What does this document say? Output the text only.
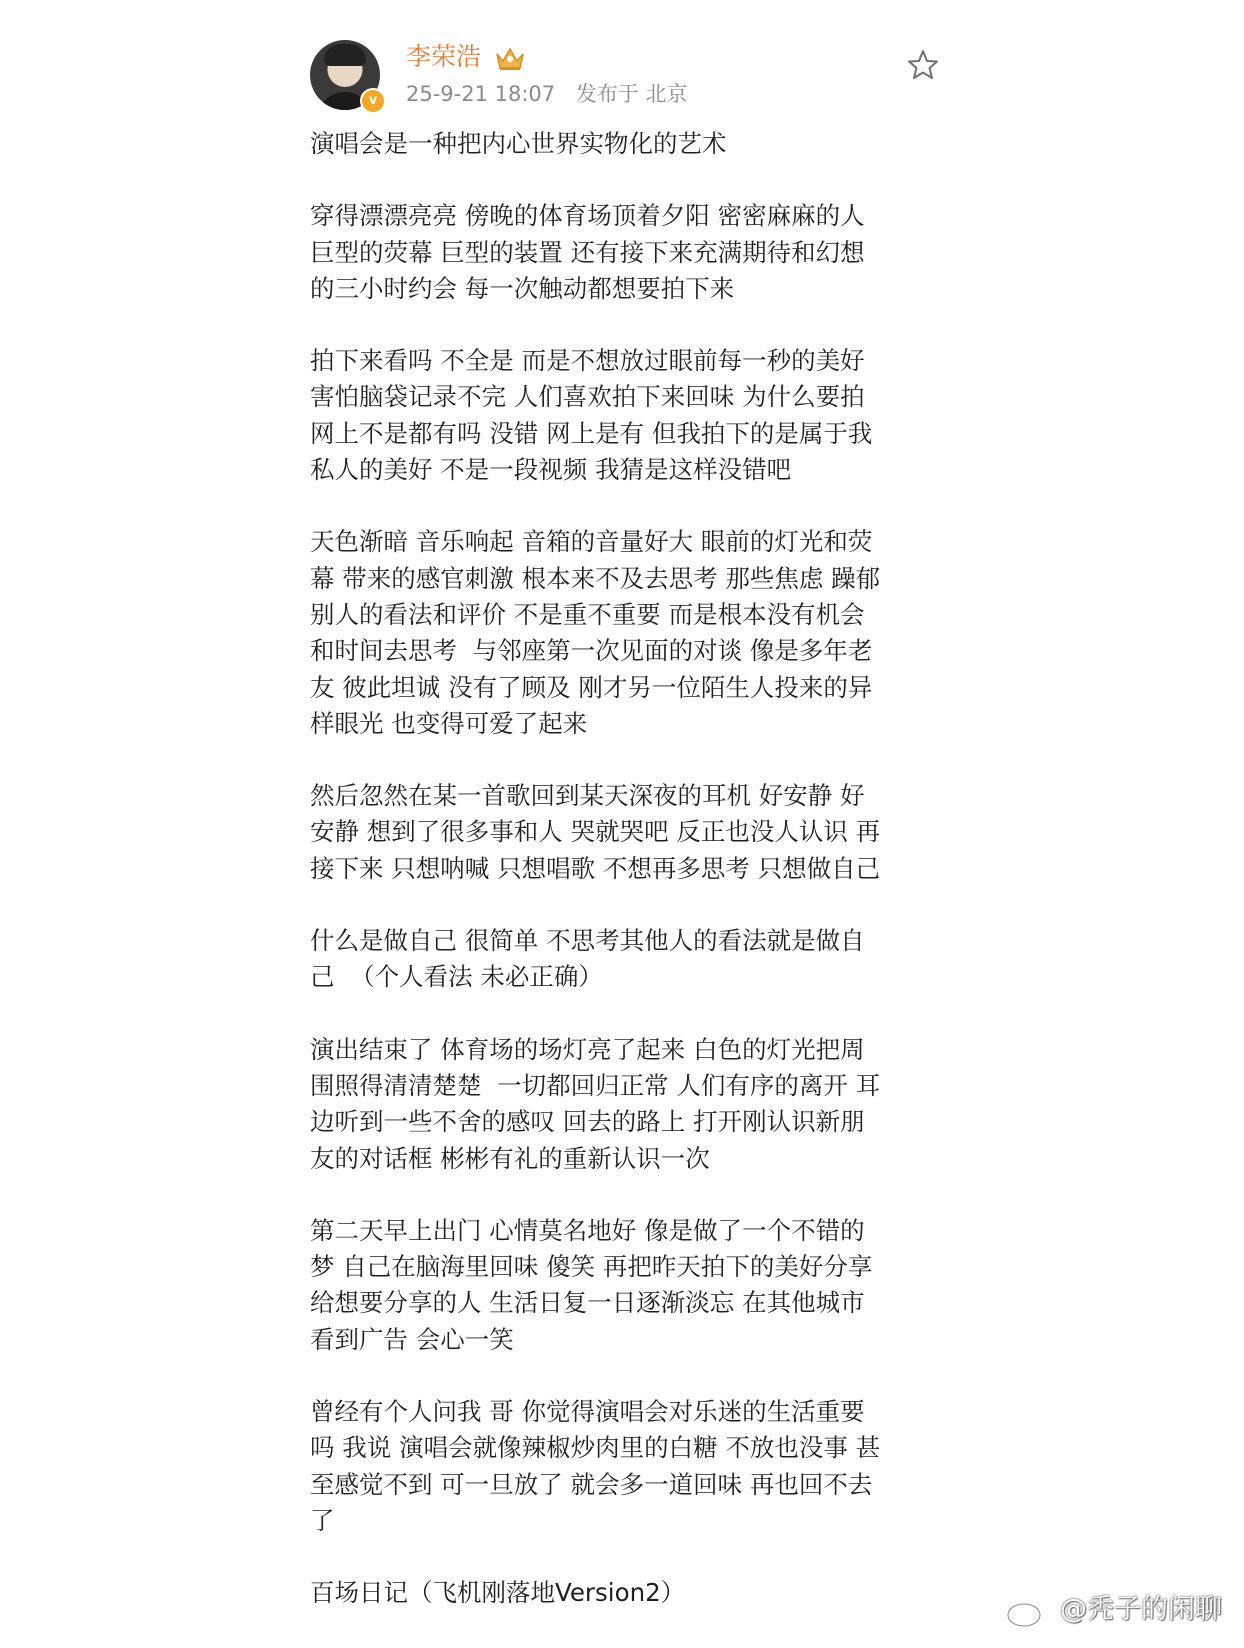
v
李荣浩
25-9-21 18:07 发布于 北京

演唱会是一种把内心世界实物化的艺术

穿得漂漂亮亮 傍晚的体育场顶着夕阳 密密麻麻的人
巨型的荧幕 巨型的装置 还有接下来充满期待和幻想
的三小时约会 每一次触动都想要拍下来

拍下来看吗 不全是 而是不想放过眼前每一秒的美好
害怕脑袋记录不完 人们喜欢拍下来回味 为什么要拍
网上不是都有吗 没错 网上是有 但我拍下的是属于我
私人的美好 不是一段视频 我猜是这样没错吧

天色渐暗 音乐响起 音箱的音量好大 眼前的灯光和荧
幕 带来的感官刺激 根本来不及去思考 那些焦虑 躁郁
别人的看法和评价 不是重不重要 而是根本没有机会
和时间去思考  与邻座第一次见面的对谈 像是多年老
友 彼此坦诚 没有了顾及 刚才另一位陌生人投来的异
样眼光 也变得可爱了起来

然后忽然在某一首歌回到某天深夜的耳机 好安静 好
安静 想到了很多事和人 哭就哭吧 反正也没人认识 再
接下来 只想呐喊 只想唱歌 不想再多思考 只想做自己

什么是做自己 很简单 不思考其他人的看法就是做自
己  （个人看法 未必正确）

演出结束了 体育场的场灯亮了起来 白色的灯光把周
围照得清清楚楚  一切都回归正常 人们有序的离开 耳
边听到一些不舍的感叹 回去的路上 打开刚认识新朋
友的对话框 彬彬有礼的重新认识一次

第二天早上出门 心情莫名地好 像是做了一个不错的
梦 自己在脑海里回味 傻笑 再把昨天拍下的美好分享
给想要分享的人 生活日复一日逐渐淡忘 在其他城市
看到广告 会心一笑

曾经有个人问我 哥 你觉得演唱会对乐迷的生活重要
吗 我说 演唱会就像辣椒炒肉里的白糖 不放也没事 甚
至感觉不到 可一旦放了 就会多一道回味 再也回不去
了

百场日记（飞机刚落地Version2）

@秃子的闲聊
